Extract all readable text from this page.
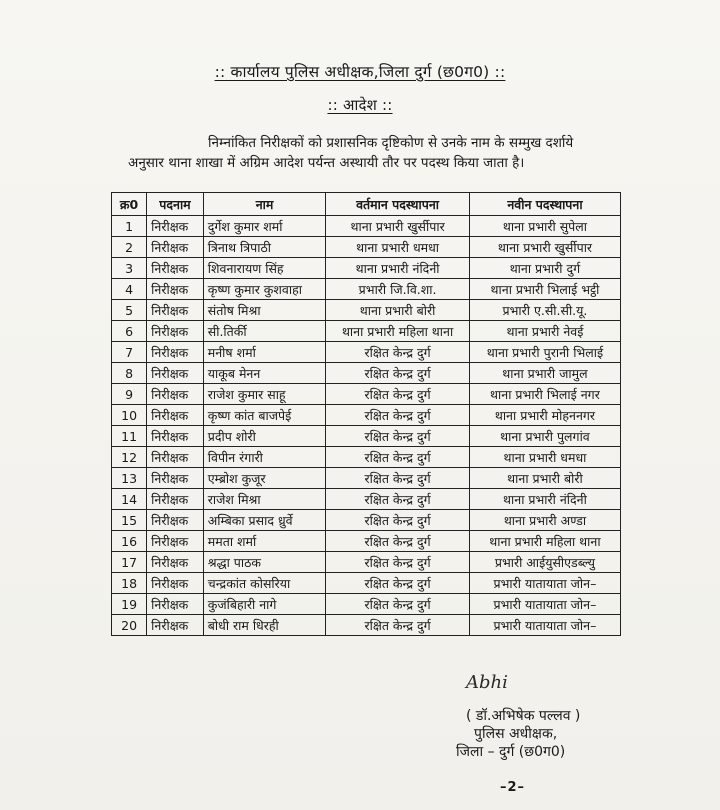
:: कार्यालय पुलिस अधीक्षक,जिला दुर्ग (छ0ग0) ::
:: आदेश ::
निम्नांकित निरीक्षकों को प्रशासनिक दृष्टिकोण से उनके नाम के सम्मुख दर्शाये
अनुसार थाना शाखा में अग्रिम आदेश पर्यन्त अस्थायी तौर पर पदस्थ किया जाता है।
क्र0	पदनाम	नाम	वर्तमान पदस्थापना	नवीन पदस्थापना
1	निरीक्षक	दुर्गेश कुमार शर्मा	थाना प्रभारी खुर्सीपार	थाना प्रभारी सुपेला
2	निरीक्षक	त्रिनाथ त्रिपाठी	थाना प्रभारी धमधा	थाना प्रभारी खुर्सीपार
3	निरीक्षक	शिवनारायण सिंह	थाना प्रभारी नंदिनी	थाना प्रभारी दुर्ग
4	निरीक्षक	कृष्ण कुमार कुशवाहा	प्रभारी जि.वि.शा.	थाना प्रभारी भिलाई भट्ठी
5	निरीक्षक	संतोष मिश्रा	थाना प्रभारी बोरी	प्रभारी ए.सी.सी.यू.
6	निरीक्षक	सी.तिर्की	थाना प्रभारी महिला थाना	थाना प्रभारी नेवई
7	निरीक्षक	मनीष शर्मा	रक्षित केन्द्र दुर्ग	थाना प्रभारी पुरानी भिलाई
8	निरीक्षक	याकूब मेनन	रक्षित केन्द्र दुर्ग	थाना प्रभारी जामुल
9	निरीक्षक	राजेश कुमार साहू	रक्षित केन्द्र दुर्ग	थाना प्रभारी भिलाई नगर
10	निरीक्षक	कृष्ण कांत बाजपेई	रक्षित केन्द्र दुर्ग	थाना प्रभारी मोहननगर
11	निरीक्षक	प्रदीप शोरी	रक्षित केन्द्र दुर्ग	थाना प्रभारी पुलगांव
12	निरीक्षक	विपीन रंगारी	रक्षित केन्द्र दुर्ग	थाना प्रभारी धमधा
13	निरीक्षक	एम्ब्रोश कुजूर	रक्षित केन्द्र दुर्ग	थाना प्रभारी बोरी
14	निरीक्षक	राजेश मिश्रा	रक्षित केन्द्र दुर्ग	थाना प्रभारी नंदिनी
15	निरीक्षक	अम्बिका प्रसाद ध्रुर्वे	रक्षित केन्द्र दुर्ग	थाना प्रभारी अण्डा
16	निरीक्षक	ममता शर्मा	रक्षित केन्द्र दुर्ग	थाना प्रभारी महिला थाना
17	निरीक्षक	श्रद्धा पाठक	रक्षित केन्द्र दुर्ग	प्रभारी आईयुसीएडब्ल्यु
18	निरीक्षक	चन्द्रकांत कोसरिया	रक्षित केन्द्र दुर्ग	प्रभारी यातायाता जोन–
19	निरीक्षक	कुजंबिहारी नागे	रक्षित केन्द्र दुर्ग	प्रभारी यातायाता जोन–
20	निरीक्षक	बोधी राम धिरही	रक्षित केन्द्र दुर्ग	प्रभारी यातायाता जोन–
Abhi
( डॉ.अभिषेक पल्लव )
पुलिस अधीक्षक,
जिला – दुर्ग (छ0ग0)
–2–
